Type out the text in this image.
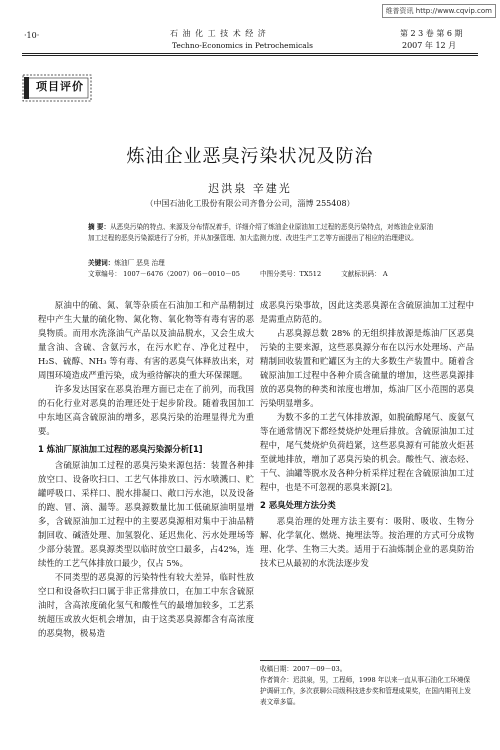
维普资讯 http://www.cqvip.com
·10·	石 油 化 工 技 术 经 济
Techno-Economics in Petrochemicals
第 2 3 卷 第 6 期
2007 年 12 月
项目评价
炼油企业恶臭污染状况及防治
迟洪泉 辛建光
（中国石油化工股份有限公司齐鲁分公司，淄博 255408）
摘 要：从恶臭污染的特点、来源及分布情况着手，详细介绍了炼油企业原油加工过程的恶臭污染特点，对炼油企业原油加工过程的恶臭污染源进行了分析，并从加强管理、加大监测力度、改进生产工艺等方面提出了相应的治理建议。
关键词：炼油厂 恶臭 治理
文章编号： 1007－6476（2007）06－0010－05	中图分类号：TX512	文献标识码： A

原油中的硫、氮、氧等杂质在石油加工和产品精制过程中产生大量的硫化物、氮化物、氧化物等有毒有害的恶臭物质。而用水洗涤油气产品以及油品脱水，又会生成大量含油、含硫、含氨污水，在污水贮存、净化过程中，H₂S、硫醇、NH₃ 等有毒、有害的恶臭气体释放出来，对周围环境造成严重污染，成为亟待解决的重大环保课题。

许多发达国家在恶臭治理方面已走在了前列，而我国的石化行业对恶臭的治理还处于起步阶段。随着我国加工中东地区高含硫原油的增多，恶臭污染的治理显得尤为重要。

1 炼油厂原油加工过程的恶臭污染源分析[1]

含硫原油加工过程的恶臭污染来源包括：装置各种排放空口、设备吹扫口、工艺气体排放口、污水喷溅口、贮罐呼吸口、采样口、脱水排凝口、敞口污水池，以及设备的跑、冒、滴、漏等。恶臭源数量比加工低硫原油明显增多，含硫原油加工过程中的主要恶臭源相对集中于油品精制回收、碱渣处理、加氢裂化、延迟焦化、污水处理场等少部分装置。恶臭源类型以临时放空口最多，占42%，连续性的工艺气体排放口最少，仅占 5%。

不同类型的恶臭源的污染特性有较大差异，临时性放空口和设备吹扫口属于非正常排放口，在加工中东含硫原油时，含高浓度硫化氢气和酸性气的最增加较多，工艺系统超压或放火炬机会增加，由于这类恶臭源都含有高浓度的恶臭物，极易造

成恶臭污染事故，因此这类恶臭源在含硫原油加工过程中是需重点防范的。

占恶臭源总数 28% 的无组织排放源是炼油厂区恶臭污染的主要来源，这些恶臭源分布在以污水处理场、产品精制回收装置和贮罐区为主的大多数生产装置中。随着含硫原油加工过程中各种介质含硫量的增加，这些恶臭源排放的恶臭物的种类和浓度也增加，炼油厂区小范围的恶臭污染明显增多。

为数不多的工艺气体排放源，如脱硫醇尾气、废氨气等在通常情况下都经焚烧炉处理后排放。含硫原油加工过程中，尾气焚烧炉负荷趋紧，这些恶臭源有可能放火炬甚至就地排放，增加了恶臭污染的机会。酸性气、液态烃、干气、油罐等脱水及各种分析采样过程在含硫原油加工过程中，也是不可忽视的恶臭来源[2]。

2 恶臭处理方法分类

恶臭治理的处理方法主要有：吸附、吸收、生物分解、化学氧化、燃烧、掩埋法等。按治理的方式可分成物理、化学、生物三大类。适用于石油炼制企业的恶臭防治技术已从最初的水洗法逐步发

收稿日期：2007－09－03。
作者简介：迟洪泉，男，工程师，1998 年以来一直从事石油化工环境保护调研工作，多次获聊公司级科技进步奖和管理成果奖，在国内期刊上发表文章多篇。
